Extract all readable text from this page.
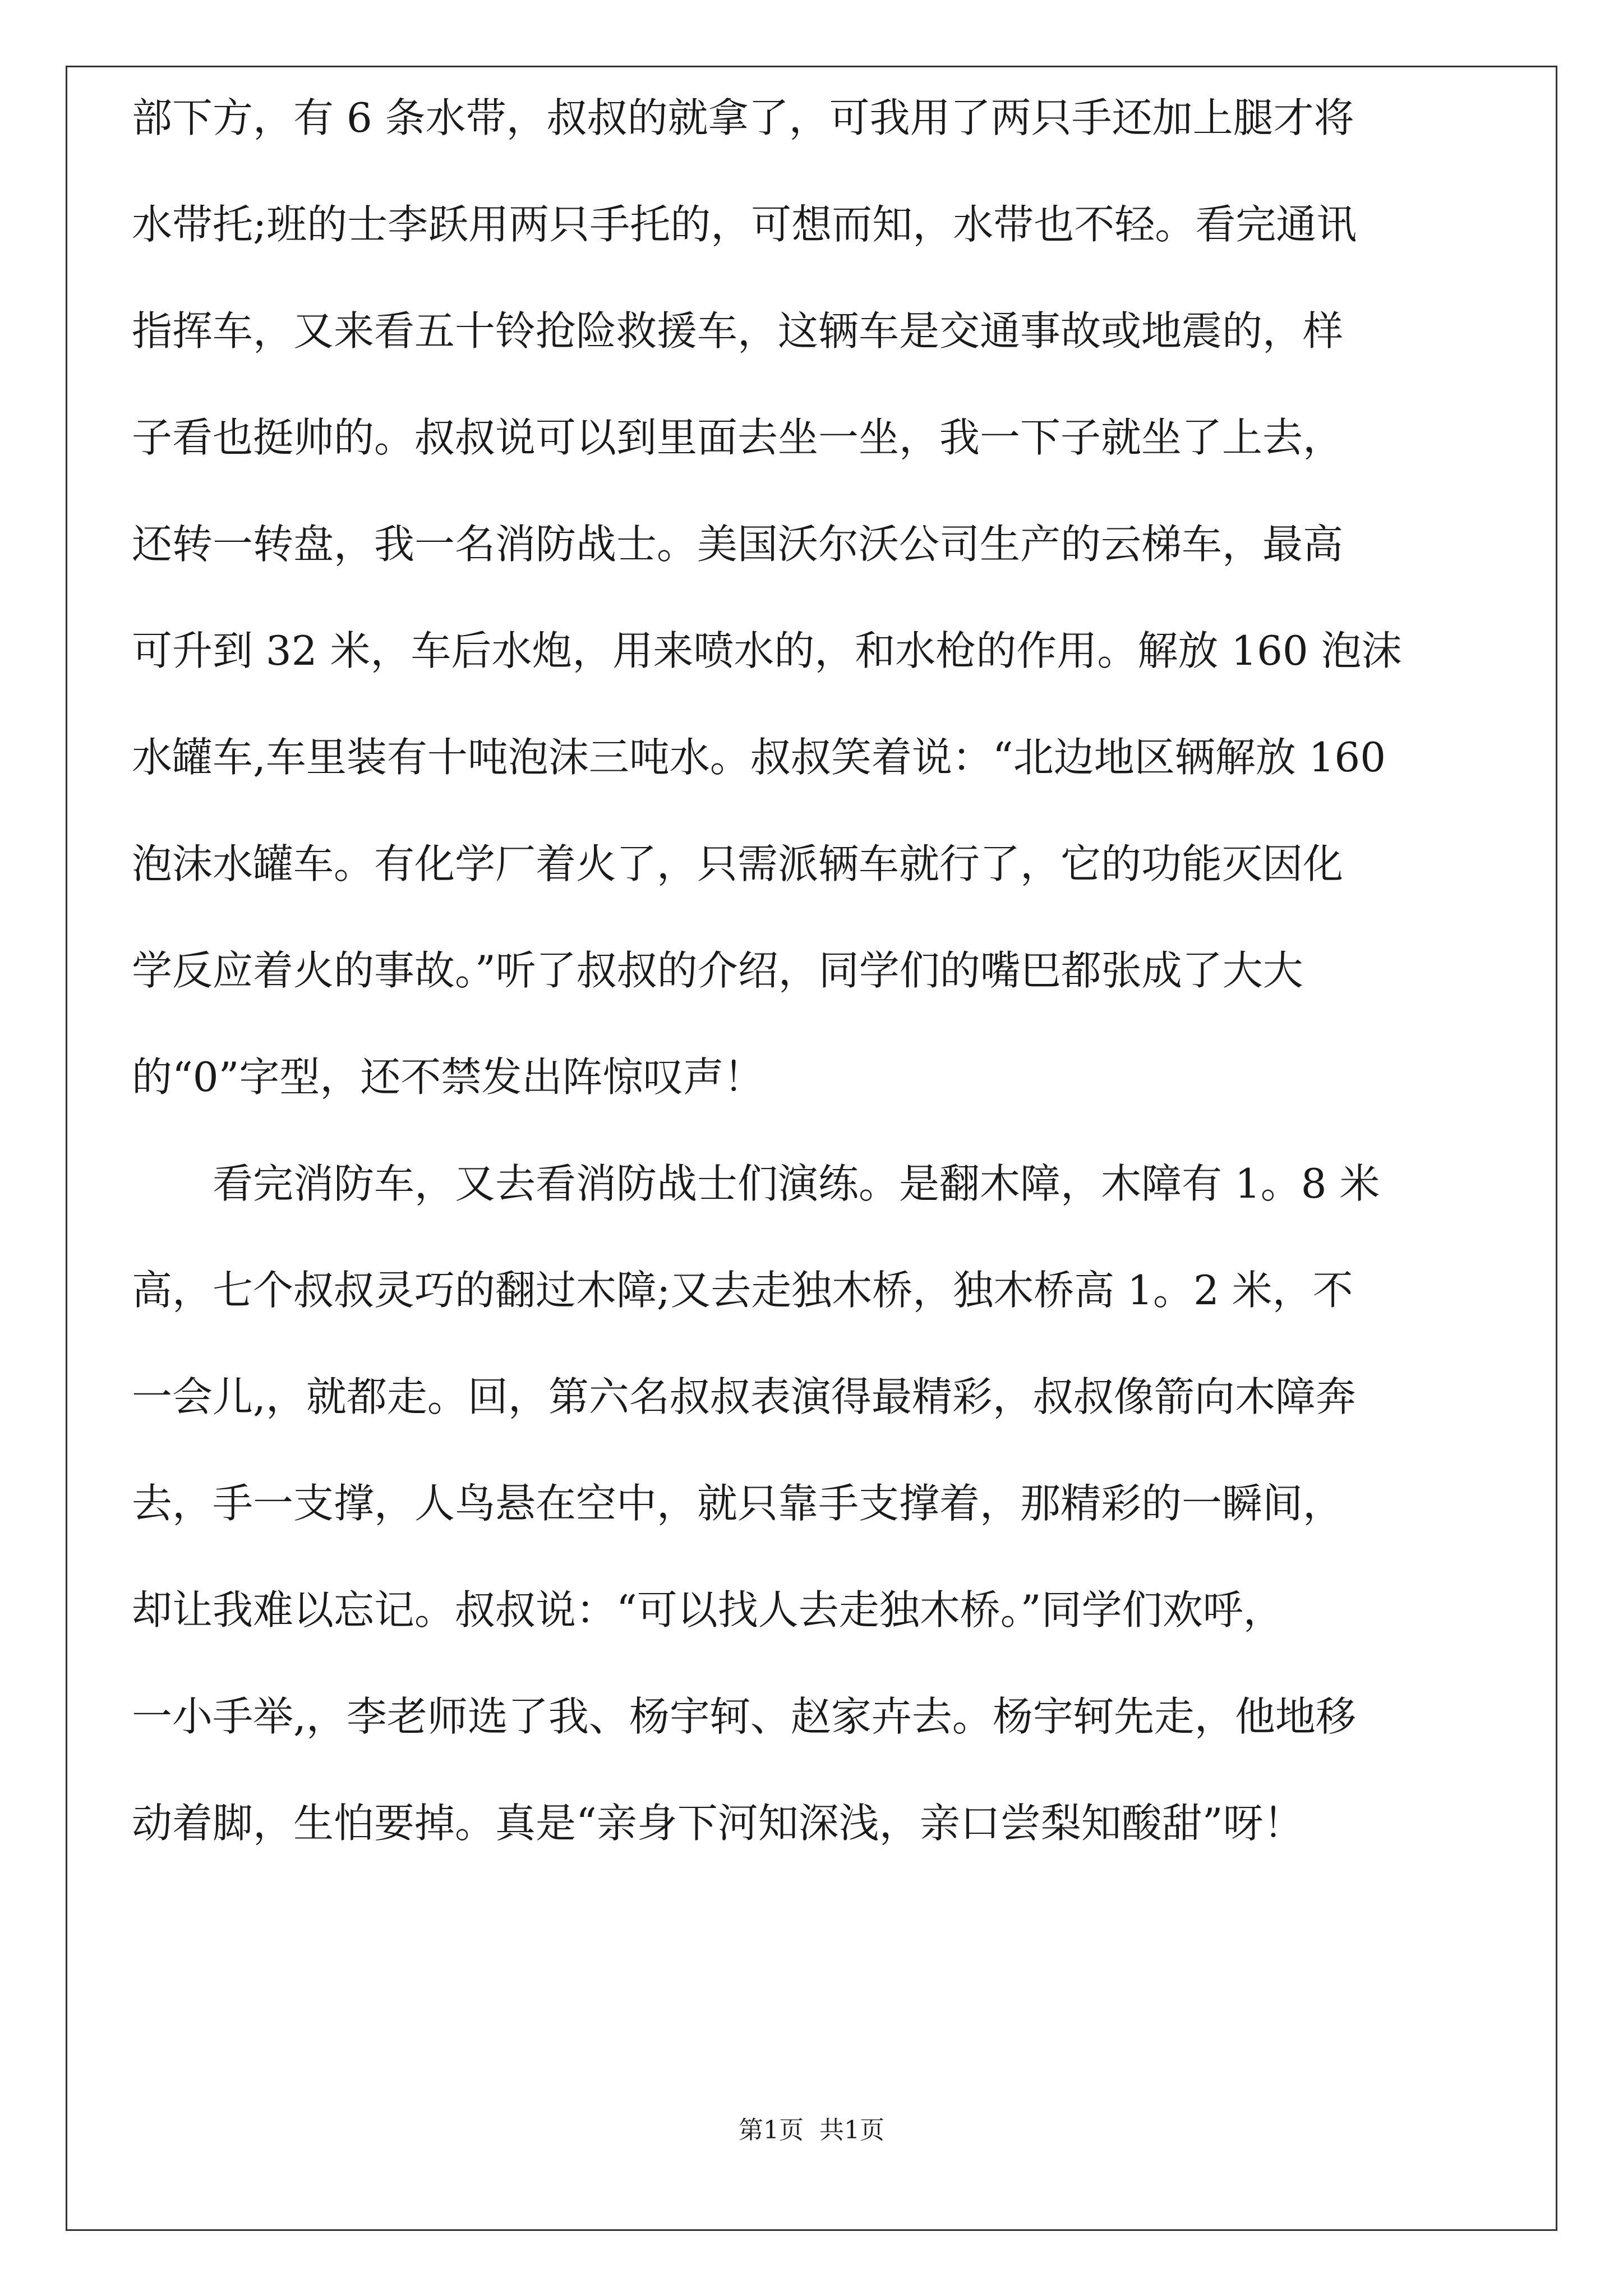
部下方，有 6 条水带，叔叔的就拿了，可我用了两只手还加上腿才将
水带托;班的士李跃用两只手托的，可想而知，水带也不轻。看完通讯
指挥车，又来看五十铃抢险救援车，这辆车是交通事故或地震的，样
子看也挺帅的。叔叔说可以到里面去坐一坐，我一下子就坐了上去，
还转一转盘，我一名消防战士。美国沃尔沃公司生产的云梯车，最高
可升到 32 米，车后水炮，用来喷水的，和水枪的作用。解放 160 泡沫
水罐车,车里装有十吨泡沫三吨水。叔叔笑着说：“北边地区辆解放 160
泡沫水罐车。有化学厂着火了，只需派辆车就行了，它的功能灭因化
学反应着火的事故。”听了叔叔的介绍，同学们的嘴巴都张成了大大
的“0”字型，还不禁发出阵惊叹声！
看完消防车，又去看消防战士们演练。是翻木障，木障有 1。8 米
高，七个叔叔灵巧的翻过木障;又去走独木桥，独木桥高 1。2 米，不
一会儿,，就都走。回，第六名叔叔表演得最精彩，叔叔像箭向木障奔
去，手一支撑，人鸟悬在空中，就只靠手支撑着，那精彩的一瞬间，
却让我难以忘记。叔叔说：“可以找人去走独木桥。”同学们欢呼，
一小手举,，李老师选了我、杨宇轲、赵家卉去。杨宇轲先走，他地移
动着脚，生怕要掉。真是“亲身下河知深浅，亲口尝梨知酸甜”呀！
第1页  共1页
